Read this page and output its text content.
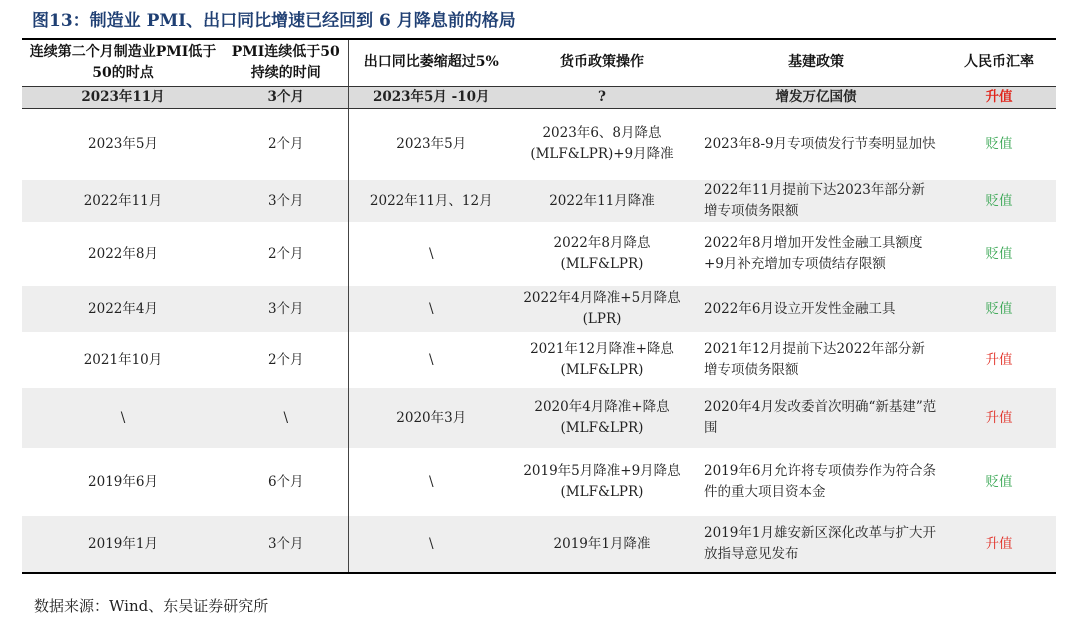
图13：制造业 PMI、出口同比增速已经回到 6 月降息前的格局
连续第二个月制造业PMI低于50的时点	PMI连续低于50持续的时间	出口同比萎缩超过5%	货币政策操作	基建政策	人民币汇率
2023年11月	3个月	2023年5月 -10月	?	增发万亿国债	升值
2023年5月	2个月	2023年5月	2023年6、8月降息(MLF&LPR)+9月降准	2023年8-9月专项债发行节奏明显加快	贬值
2022年11月	3个月	2022年11月、12月	2022年11月降准	2022年11月提前下达2023年部分新增专项债务限额	贬值
2022年8月	2个月	\	2022年8月降息(MLF&LPR)	2022年8月增加开发性金融工具额度+9月补充增加专项债结存限额	贬值
2022年4月	3个月	\	2022年4月降准+5月降息(LPR)	2022年6月设立开发性金融工具	贬值
2021年10月	2个月	\	2021年12月降准+降息(MLF&LPR)	2021年12月提前下达2022年部分新增专项债务限额	升值
\	\	2020年3月	2020年4月降准+降息(MLF&LPR)	2020年4月发改委首次明确“新基建”范围	升值
2019年6月	6个月	\	2019年5月降准+9月降息(MLF&LPR)	2019年6月允许将专项债券作为符合条件的重大项目资本金	贬值
2019年1月	3个月	\	2019年1月降准	2019年1月雄安新区深化改革与扩大开放指导意见发布	升值
数据来源：Wind、东吴证券研究所
